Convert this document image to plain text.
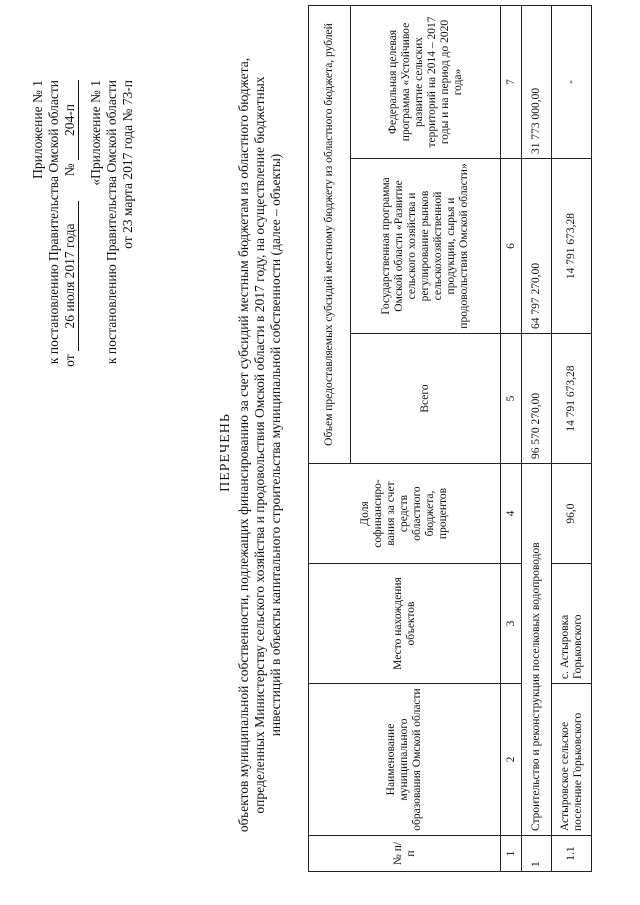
Приложение № 1 к постановлению Правительства Омской области от 26 июля 2017 года  № 204-п «Приложение № 1 к постановлению Правительства Омской области от 23 марта 2017 года № 73-п
ПЕРЕЧЕНЬ объектов муниципальной собственности, подлежащих финансированию за счет субсидий местным бюджетам из областного бюджета, определенных Министерству сельского хозяйства и продовольствия Омской области в 2017 году, на осуществление бюджетных инвестиций в объекты капитального строительства муниципальной собственности (далее – объекты)
№ п/п	Наименование муниципального образования Омской области	Место нахождения объектов	Доля софинансиро-вания за счет средств областного бюджета, процентов	Объем предоставляемых субсидий местному бюджету из областного бюджета, рублей		
				Всего	Государственная программа Омской области «Развитие сельского хозяйства и регулирование рынков сельскохозяйственной продукции, сырья и продовольствия Омской области»	Федеральная целевая программа «Устойчивое развитие сельских территорий на 2014 – 2017 годы и на период до 2020 года»
1	2	3	4	5	6	7
1	Строительство и реконструкция поселковых водопроводов			96 570 270,00	64 797 270,00	31 773 000,00
1.1	Астыровское сельское поселение Горьковского	с. Астыровка Горьковского	96,0	14 791 673,28	14 791 673,28	-
